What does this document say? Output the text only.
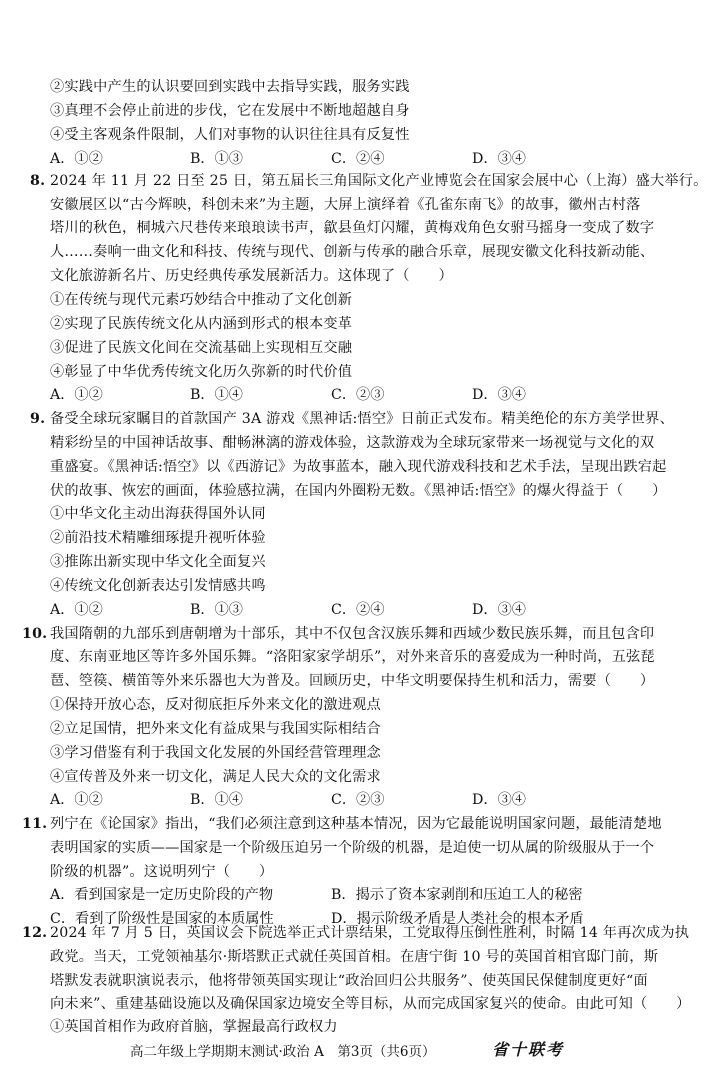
②实践中产生的认识要回到实践中去指导实践，服务实践
③真理不会停止前进的步伐，它在发展中不断地超越自身
④受主客观条件限制，人们对事物的认识往往具有反复性
A．①②	B．①③	C．②④	D．③④
8. 2024 年 11 月 22 日至 25 日，第五届长三角国际文化产业博览会在国家会展中心（上海）盛大举行。
安徽展区以“古今辉映，科创未来”为主题，大屏上演绎着《孔雀东南飞》的故事，徽州古村落
塔川的秋色，桐城六尺巷传来琅琅读书声，歙县鱼灯闪耀，黄梅戏角色女驸马摇身一变成了数字
人……奏响一曲文化和科技、传统与现代、创新与传承的融合乐章，展现安徽文化科技新动能、
文化旅游新名片、历史经典传承发展新活力。这体现了（　　）
①在传统与现代元素巧妙结合中推动了文化创新
②实现了民族传统文化从内涵到形式的根本变革
③促进了民族文化间在交流基础上实现相互交融
④彰显了中华优秀传统文化历久弥新的时代价值
A．①②	B．①④	C．②③	D．③④
9. 备受全球玩家瞩目的首款国产 3A 游戏《黑神话:悟空》日前正式发布。精美绝伦的东方美学世界、
精彩纷呈的中国神话故事、酣畅淋漓的游戏体验，这款游戏为全球玩家带来一场视觉与文化的双
重盛宴。《黑神话:悟空》以《西游记》为故事蓝本，融入现代游戏科技和艺术手法，呈现出跌宕起
伏的故事、恢宏的画面，体验感拉满，在国内外圈粉无数。《黑神话:悟空》的爆火得益于（　　）
①中华文化主动出海获得国外认同
②前沿技术精雕细琢提升视听体验
③推陈出新实现中华文化全面复兴
④传统文化创新表达引发情感共鸣
A．①②	B．①③	C．②④	D．③④
10. 我国隋朝的九部乐到唐朝增为十部乐，其中不仅包含汉族乐舞和西域少数民族乐舞，而且包含印
度、东南亚地区等许多外国乐舞。“洛阳家家学胡乐”，对外来音乐的喜爱成为一种时尚，五弦琵
琶、箜篌、横笛等外来乐器也大为普及。回顾历史，中华文明要保持生机和活力，需要（　　）
①保持开放心态，反对彻底拒斥外来文化的激进观点
②立足国情，把外来文化有益成果与我国实际相结合
③学习借鉴有利于我国文化发展的外国经营管理理念
④宣传普及外来一切文化，满足人民大众的文化需求
A．①②	B．①④	C．②③	D．③④
11. 列宁在《论国家》指出，“我们必须注意到这种基本情况，因为它最能说明国家问题，最能清楚地
表明国家的实质——国家是一个阶级压迫另一个阶级的机器，是迫使一切从属的阶级服从于一个
阶级的机器”。这说明列宁（　　）
A．看到国家是一定历史阶段的产物	B．揭示了资本家剥削和压迫工人的秘密
C．看到了阶级性是国家的本质属性	D．揭示阶级矛盾是人类社会的根本矛盾
12. 2024 年 7 月 5 日，英国议会下院选举正式计票结果，工党取得压倒性胜利，时隔 14 年再次成为执
政党。当天，工党领袖基尔·斯塔默正式就任英国首相。在唐宁街 10 号的英国首相官邸门前，斯
塔默发表就职演说表示，他将带领英国实现让“政治回归公共服务”、使英国民保健制度更好“面
向未来”、重建基础设施以及确保国家边境安全等目标，从而完成国家复兴的使命。由此可知（　　）
高二年级上学期期末测试·政治 A　第3页（共6页）	省十联考
①英国首相作为政府首脑，掌握最高行政权力
